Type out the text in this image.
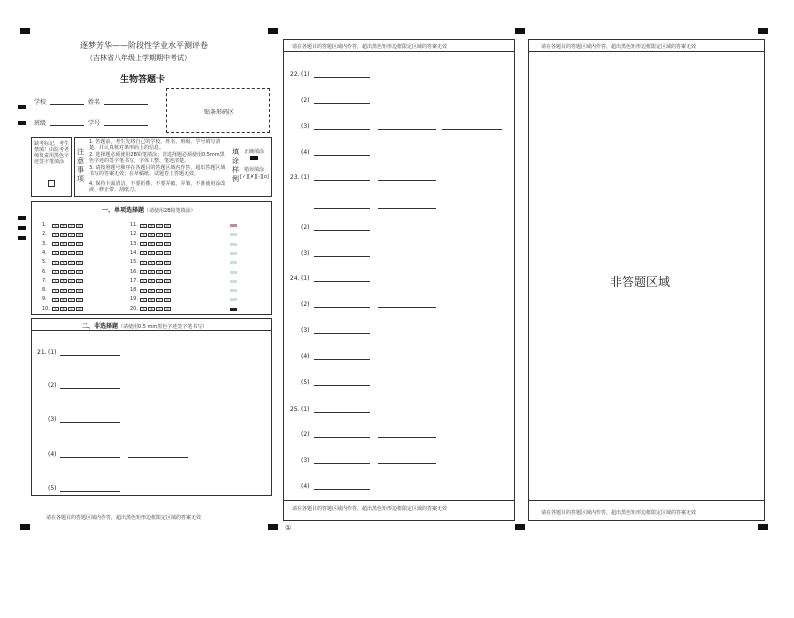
逐梦芳华——阶段性学业水平测评卷
（吉林省八年级上学期期中考试）
生物答题卡
学校	姓名
班级	学号
贴条形码区
缺考标记，考生禁填！由监考老师负责用黑色字迹签字笔填涂
注意事项
1. 答题前，考生先将自己的学校、姓名、班级、学号填写清楚，并认真核对条形码上的信息。
2. 选择题必须使用2B铅笔填涂；非选择题必须使用0.5mm黑色字迹的签字笔书写，字体工整、笔迹清楚。
3. 请按照题号顺序在各题目的答题区域内作答，超出答题区域书写的答案无效；在草稿纸、试题卷上答题无效。
4. 保持卡面清洁，不要折叠、不要弄破、弄皱，不准使用涂改液、修正带、刮纸刀。
填涂样例
正确填涂
错误填涂
[✓][✗][-][o]
一、单项选择题（请使用2B铅笔填涂）
1.	A B C D
2.	A B C D
3.	A B C D
4.	A B C D
5.	A B C D
6.	A B C D
7.	A B C D
8.	A B C D
9.	A B C D
10.	A B C D
11.	A B C D
12.	A B C D
13.	A B C D
14.	A B C D
15.	A B C D
16.	A B C D
17.	A B C D
18.	A B C D
19.	A B C D
20.	A B C D
二、非选择题（请使用0.5 mm黑色字迹签字笔书写）
21. (1)
(2)
(3)
(4)
(5)
请在各题目的答题区域内作答，超出黑色矩形边框限定区域的答案无效
请在各题目的答题区域内作答，超出黑色矩形边框限定区域的答案无效
22. (1)
(2)
(3)
(4)
23. (1)
(2)
(3)
24. (1)
(2)
(3)
(4)
(5)
25. (1)
(2)
(3)
(4)
请在各题目的答题区域内作答，超出黑色矩形边框限定区域的答案无效
①
请在各题目的答题区域内作答，超出黑色矩形边框限定区域的答案无效
非答题区域
请在各题目的答题区域内作答，超出黑色矩形边框限定区域的答案无效
